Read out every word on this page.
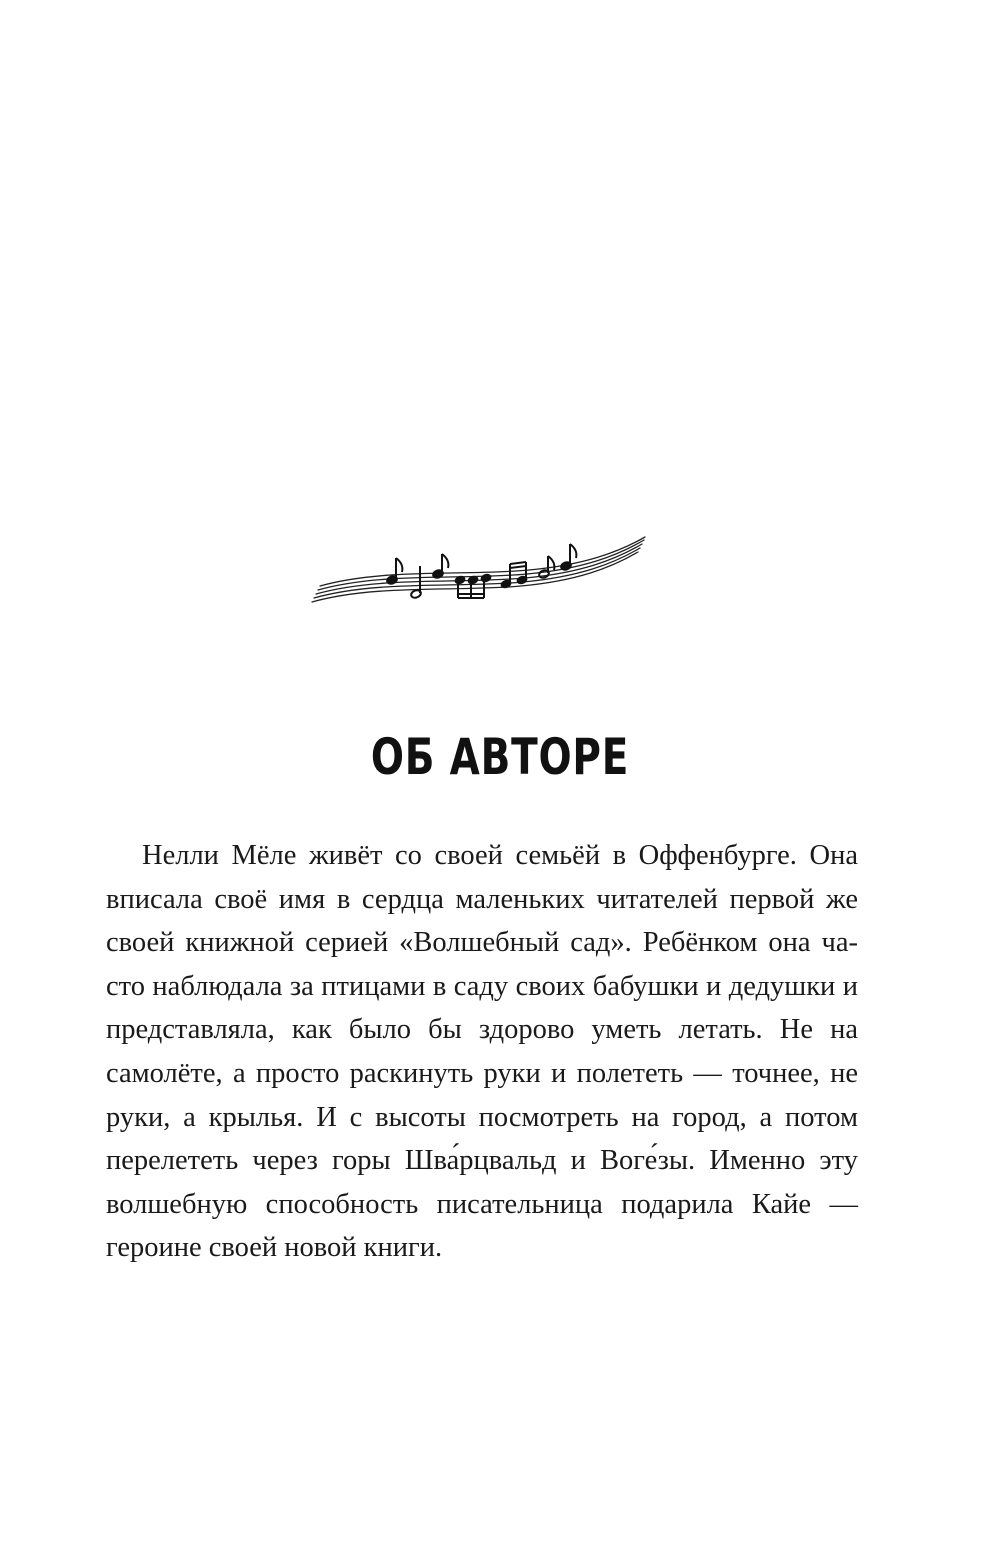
ОБ АВТОРЕ

Нелли Мёле живёт со своей семьёй в Оффенбурге. Она вписала своё имя в сердца маленьких читателей первой же своей книжной серией «Волшебный сад». Ребёнком она часто наблюдала за птицами в саду своих бабушки и дедушки и представляла, как было бы здорово уметь летать. Не на самолёте, а просто раскинуть руки и полететь — точнее, не руки, а крылья. И с высоты посмотреть на город, а потом перелететь через горы Шва́рцвальд и Воге́зы. Именно эту волшебную способность писательница подарила Кайе — героине своей новой книги.
